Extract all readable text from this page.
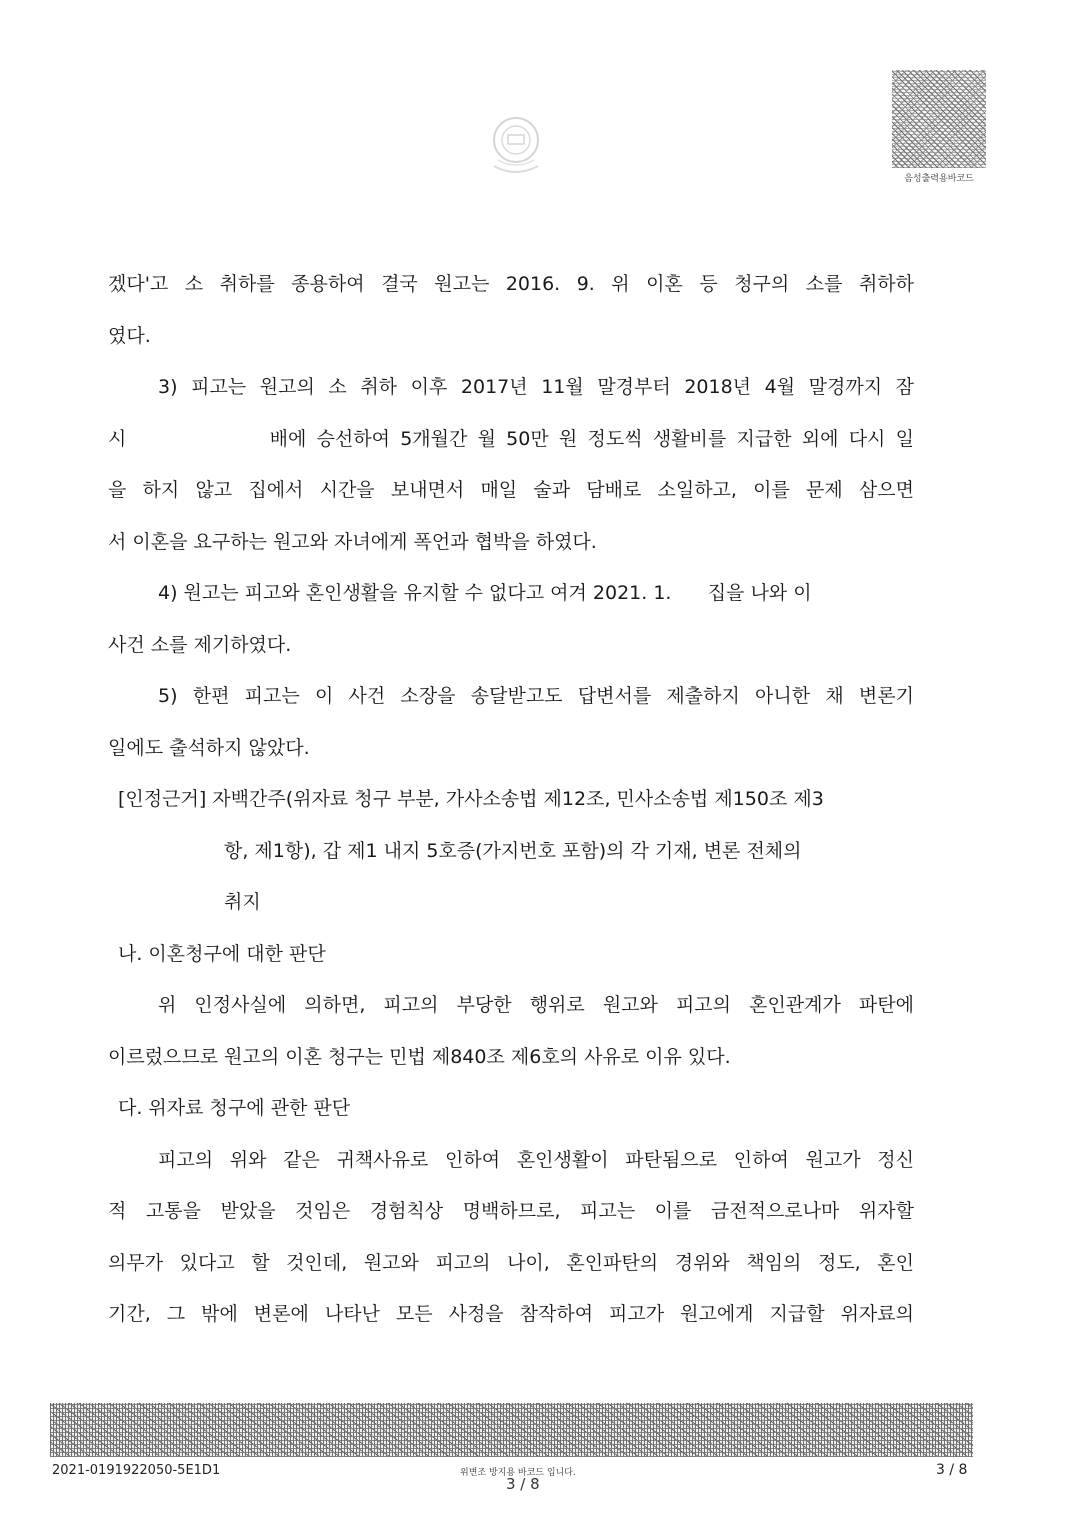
음성출력용바코드
겠다'고 소 취하를 종용하여 결국 원고는 2016. 9. 위 이혼 등 청구의 소를 취하하
였다.
3) 피고는 원고의 소 취하 이후 2017년 11월 말경부터 2018년 4월 말경까지 잠
시              배에 승선하여 5개월간 월 50만 원 정도씩 생활비를 지급한 외에 다시 일
을 하지 않고 집에서 시간을 보내면서 매일 술과 담배로 소일하고, 이를 문제 삼으면
서 이혼을 요구하는 원고와 자녀에게 폭언과 협박을 하였다.
4) 원고는 피고와 혼인생활을 유지할 수 없다고 여겨 2021. 1.      집을 나와 이
사건 소를 제기하였다.
5) 한편 피고는 이 사건 소장을 송달받고도 답변서를 제출하지 아니한 채 변론기
일에도 출석하지 않았다.
[인정근거] 자백간주(위자료 청구 부분, 가사소송법 제12조, 민사소송법 제150조 제3
항, 제1항), 갑 제1 내지 5호증(가지번호 포함)의 각 기재, 변론 전체의
취지
나. 이혼청구에 대한 판단
위 인정사실에 의하면, 피고의 부당한 행위로 원고와 피고의 혼인관계가 파탄에
이르렀으므로 원고의 이혼 청구는 민법 제840조 제6호의 사유로 이유 있다.
다. 위자료 청구에 관한 판단
피고의 위와 같은 귀책사유로 인하여 혼인생활이 파탄됨으로 인하여 원고가 정신
적 고통을 받았을 것임은 경험칙상 명백하므로, 피고는 이를 금전적으로나마 위자할
의무가 있다고 할 것인데, 원고와 피고의 나이, 혼인파탄의 경위와 책임의 정도, 혼인
기간, 그 밖에 변론에 나타난 모든 사정을 참작하여 피고가 원고에게 지급할 위자료의
2021-0191922050-5E1D1	위변조 방지용 바코드 입니다.
3 / 8
3 / 8
